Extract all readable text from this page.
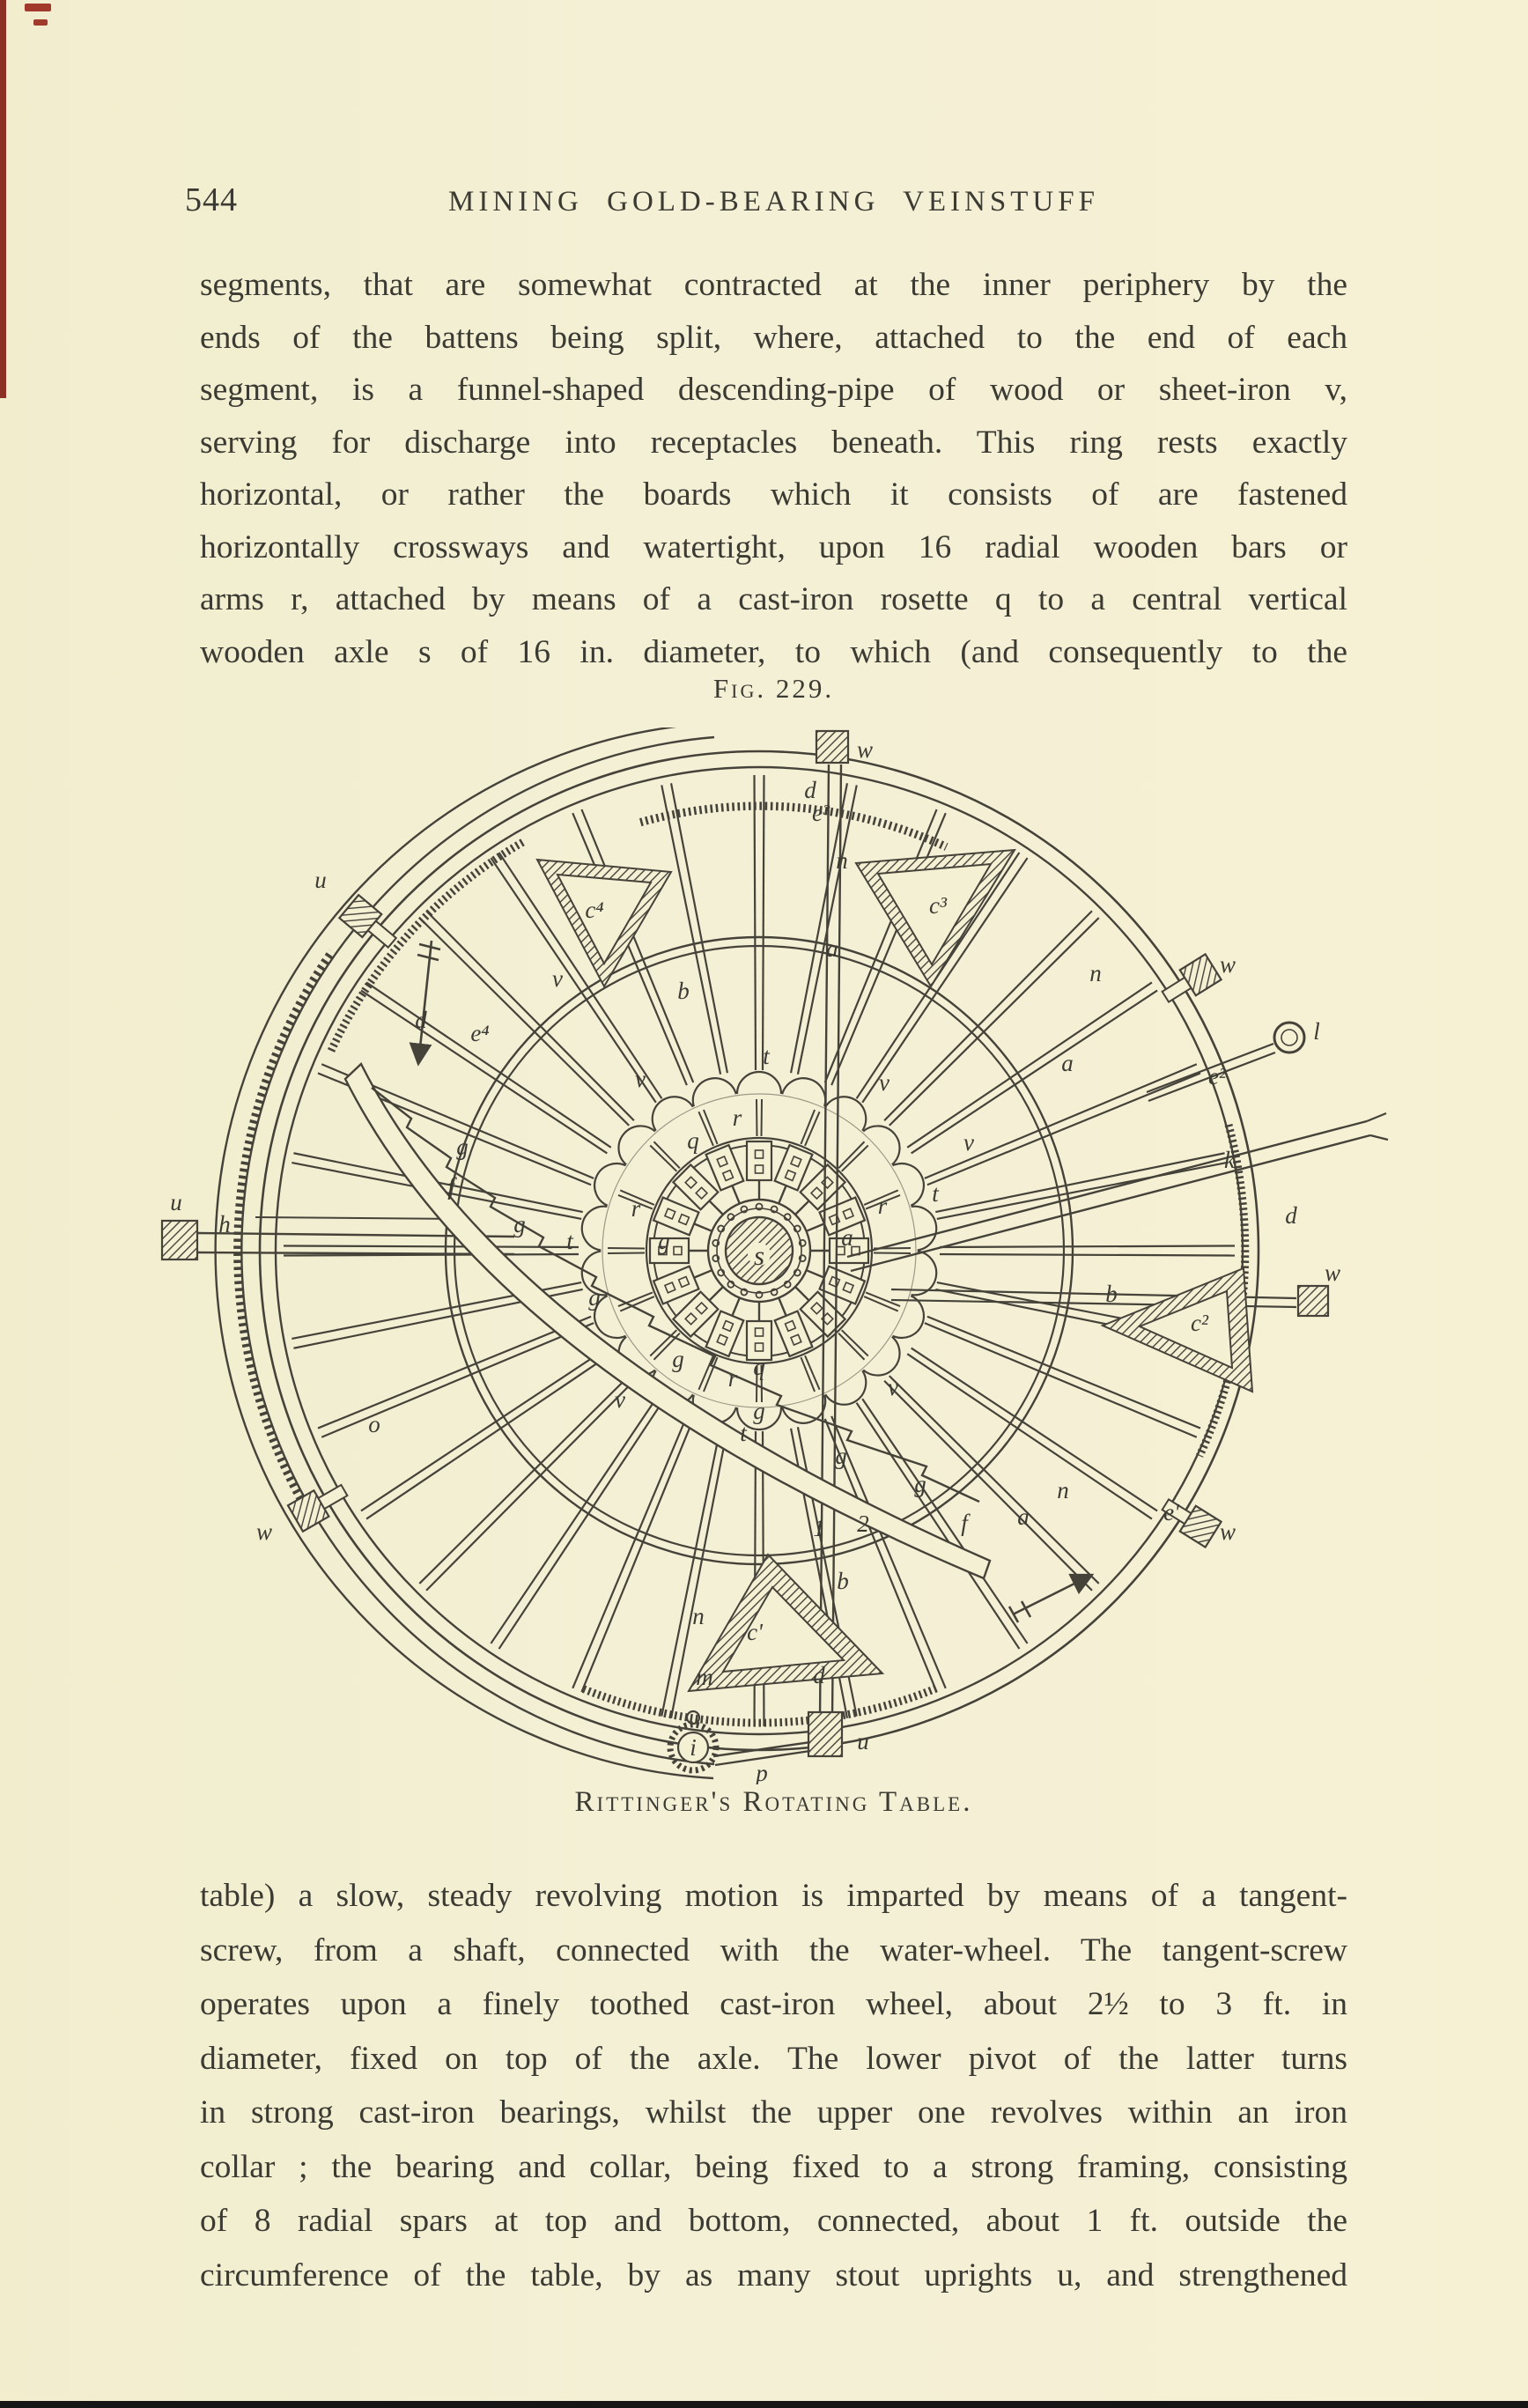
544	MINING GOLD-BEARING VEINSTUFF
segments, that are somewhat contracted at the inner periphery by the
ends of the battens being split, where, attached to the end of each
segment, is a funnel-shaped descending-pipe of wood or sheet-iron v,
serving for discharge into receptacles beneath. This ring rests exactly
horizontal, or rather the boards which it consists of are fastened
horizontally crossways and watertight, upon 16 radial wooden bars or
arms r, attached by means of a cast-iron rosette q to a central vertical
wooden axle s of 16 in. diameter, to which (and consequently to the
Fig. 229.
w
w
w
w
w
u
u
u
d
d
d
d
e³
e⁴
e²
e'
n
n
n
n
a
a
a
a
b
b
b
o
t
t
t
t
v	v
v
v
v
v
r	r
r
r
q
q
g
g
g
g
g
g
g
g
f
f
h
k
l
m
i
p
s
c'
c²
c³
c⁴
1 2
Rittinger's Rotating Table.
table) a slow, steady revolving motion is imparted by means of a tangent-
screw, from a shaft, connected with the water-wheel. The tangent-screw
operates upon a finely toothed cast-iron wheel, about 2½ to 3 ft. in
diameter, fixed on top of the axle. The lower pivot of the latter turns
in strong cast-iron bearings, whilst the upper one revolves within an iron
collar ; the bearing and collar, being fixed to a strong framing, consisting
of 8 radial spars at top and bottom, connected, about 1 ft. outside the
circumference of the table, by as many stout uprights u, and strengthened
